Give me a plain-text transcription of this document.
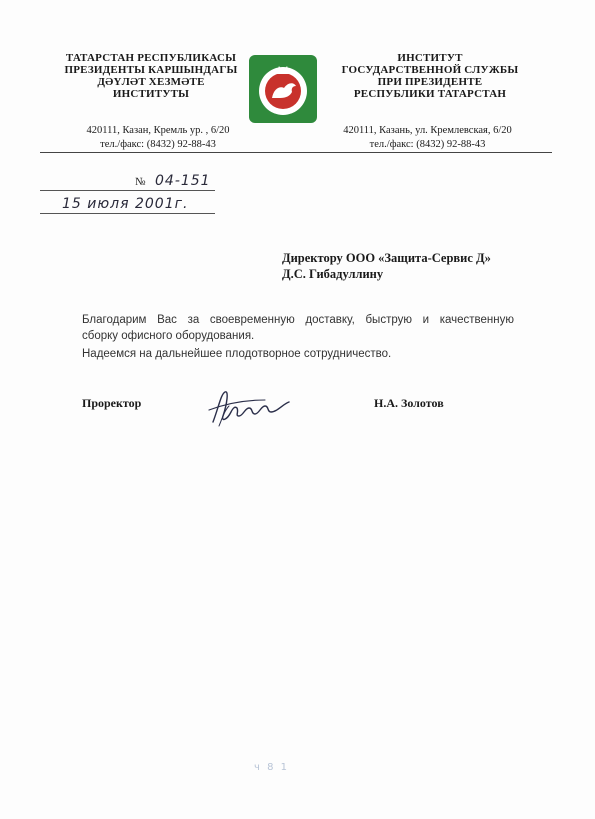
ТАТАРСТАН РЕСПУБЛИКАСЫ
ПРЕЗИДЕНТЫ КАРШЫНДАГЫ
ДӘҮЛӘТ ХЕЗМӘТЕ
ИНСТИТУТЫ
ИНСТИТУТ
ГОСУДАРСТВЕННОЙ СЛУЖБЫ
ПРИ ПРЕЗИДЕНТЕ
РЕСПУБЛИКИ ТАТАРСТАН
420111, Казан, Кремль ур. , 6/20
тел./факс: (8432) 92-88-43
420111, Казань, ул. Кремлевская, 6/20
тел./факс: (8432) 92-88-43
№ 04-151
15 июля 2001г.
Директору ООО «Защита-Сервис Д»
Д.С. Гибадуллину

Благодарим Вас за своевременную доставку, быструю и качественную
сборку офисного оборудования.

Надеемся на дальнейшее плодотворное сотрудничество.

Проректор	Н.А. Золотов
ч 8 1
